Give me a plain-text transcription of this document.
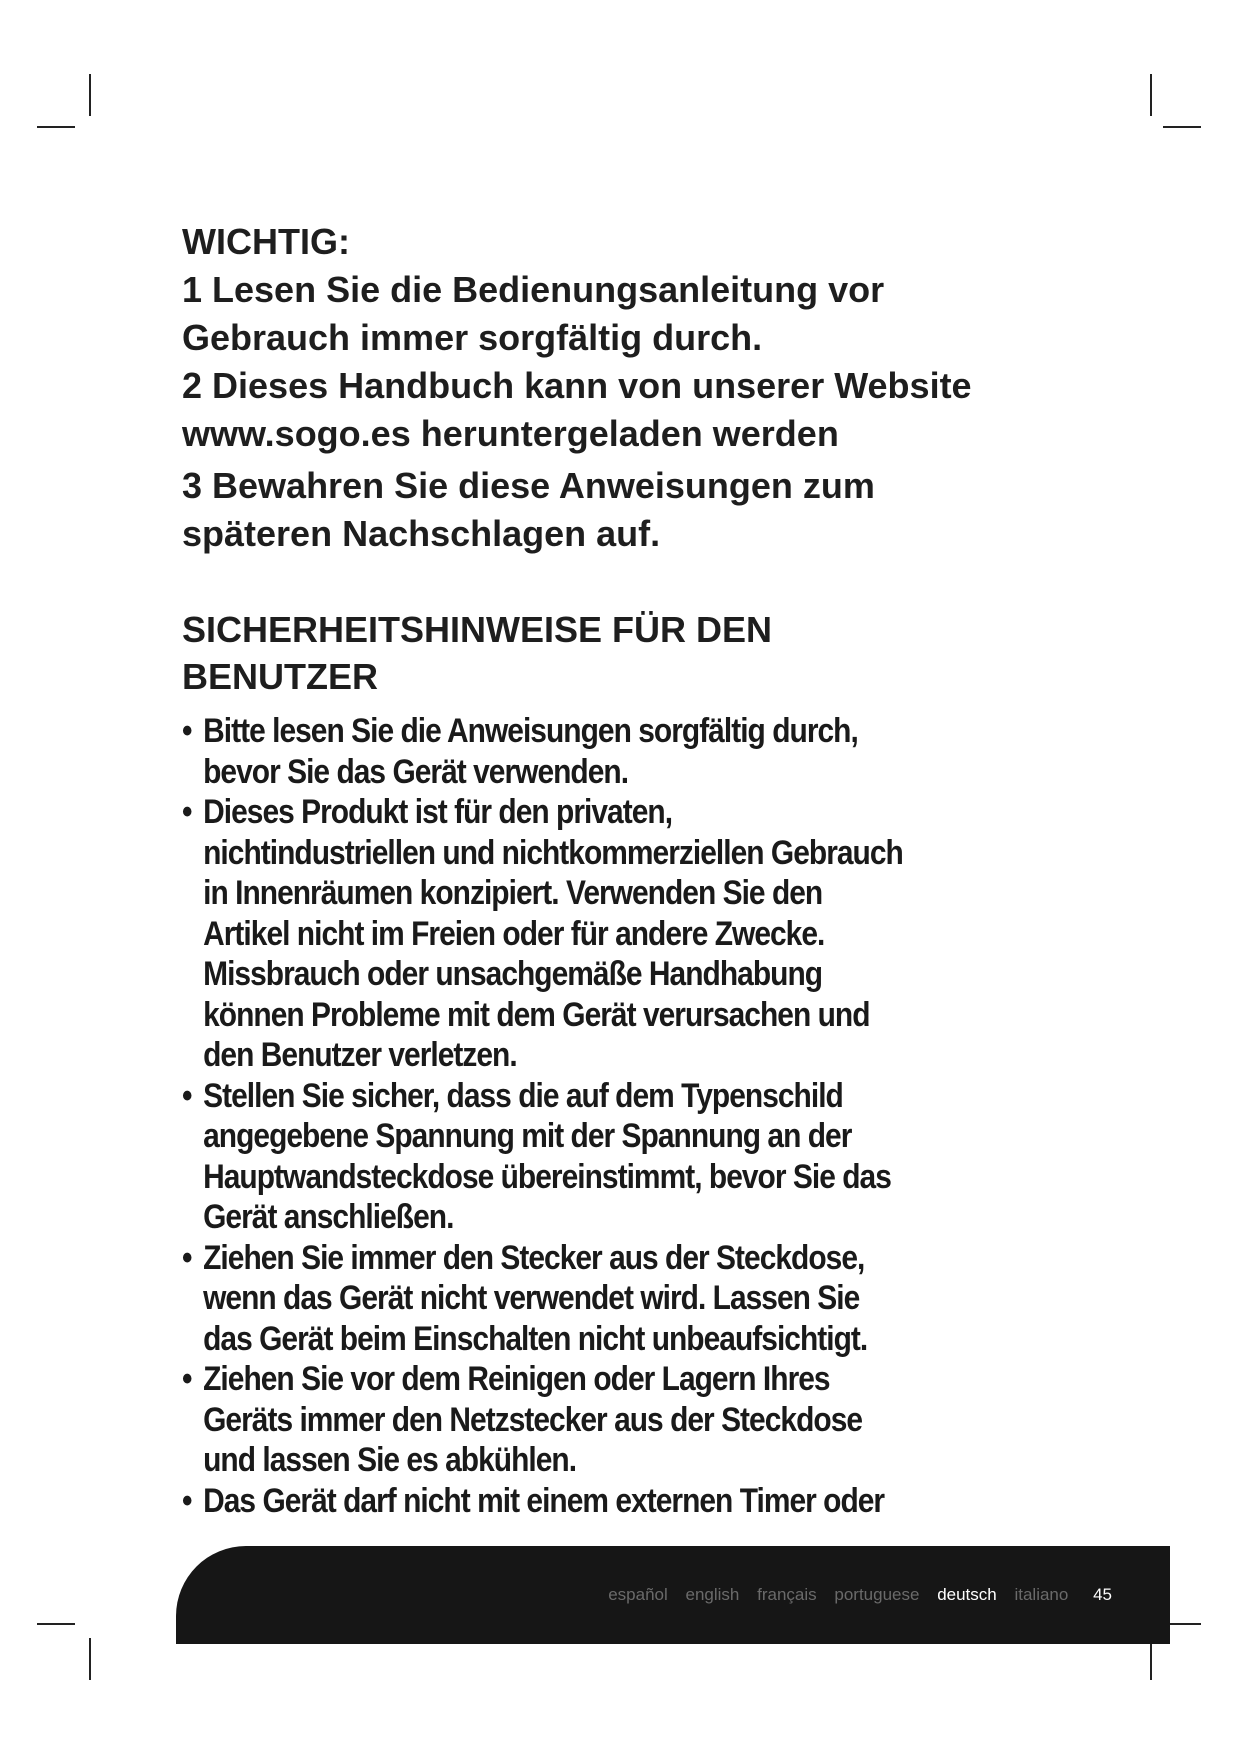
WICHTIG:
1 Lesen Sie die Bedienungsanleitung vor
Gebrauch immer sorgfältig durch.
2 Dieses Handbuch kann von unserer Website
www.sogo.es heruntergeladen werden
3 Bewahren Sie diese Anweisungen zum
späteren Nachschlagen auf.
SICHERHEITSHINWEISE FÜR DEN
BENUTZER
• Bitte lesen Sie die Anweisungen sorgfältig durch,
bevor Sie das Gerät verwenden.
• Dieses Produkt ist für den privaten,
nichtindustriellen und nichtkommerziellen Gebrauch
in Innenräumen konzipiert. Verwenden Sie den
Artikel nicht im Freien oder für andere Zwecke.
Missbrauch oder unsachgemäße Handhabung
können Probleme mit dem Gerät verursachen und
den Benutzer verletzen.
• Stellen Sie sicher, dass die auf dem Typenschild
angegebene Spannung mit der Spannung an der
Hauptwandsteckdose übereinstimmt, bevor Sie das
Gerät anschließen.
• Ziehen Sie immer den Stecker aus der Steckdose,
wenn das Gerät nicht verwendet wird. Lassen Sie
das Gerät beim Einschalten nicht unbeaufsichtigt.
• Ziehen Sie vor dem Reinigen oder Lagern Ihres
Geräts immer den Netzstecker aus der Steckdose
und lassen Sie es abkühlen.
• Das Gerät darf nicht mit einem externen Timer oder
español english français portuguese deutsch italiano 45
